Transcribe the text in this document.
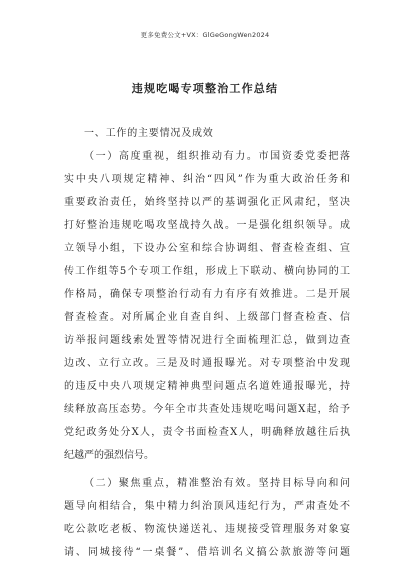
更多免费公文+VX：GlGeGongWen2024
违规吃喝专项整治工作总结

一、工作的主要情况及成效

（一）高度重视，组织推动有力。市国资委党委把落
实中央八项规定精神、纠治“四风”作为重大政治任务和
重要政治责任，始终坚持以严的基调强化正风肃纪，坚决
打好整治违规吃喝攻坚战持久战。一是强化组织领导。成
立领导小组，下设办公室和综合协调组、督查检查组、宣
传工作组等5个专项工作组，形成上下联动、横向协同的工
作格局，确保专项整治行动有力有序有效推进。二是开展
督查检查。对所属企业自查自纠、上级部门督查检查、信
访举报问题线索处置等情况进行全面梳理汇总，做到边查
边改、立行立改。三是及时通报曝光。对专项整治中发现
的违反中央八项规定精神典型问题点名道姓通报曝光，持
续释放高压态势。今年全市共查处违规吃喝问题X起，给予
党纪政务处分X人，责令书面检查X人，明确释放越往后执
纪越严的强烈信号。

（二）聚焦重点，精准整治有效。坚持目标导向和问
题导向相结合，集中精力纠治顶风违纪行为，严肃查处不
吃公款吃老板、物流快递送礼、违规接受管理服务对象宴
请、同城接待“一桌餐”、借培训名义搞公款旅游等问题
